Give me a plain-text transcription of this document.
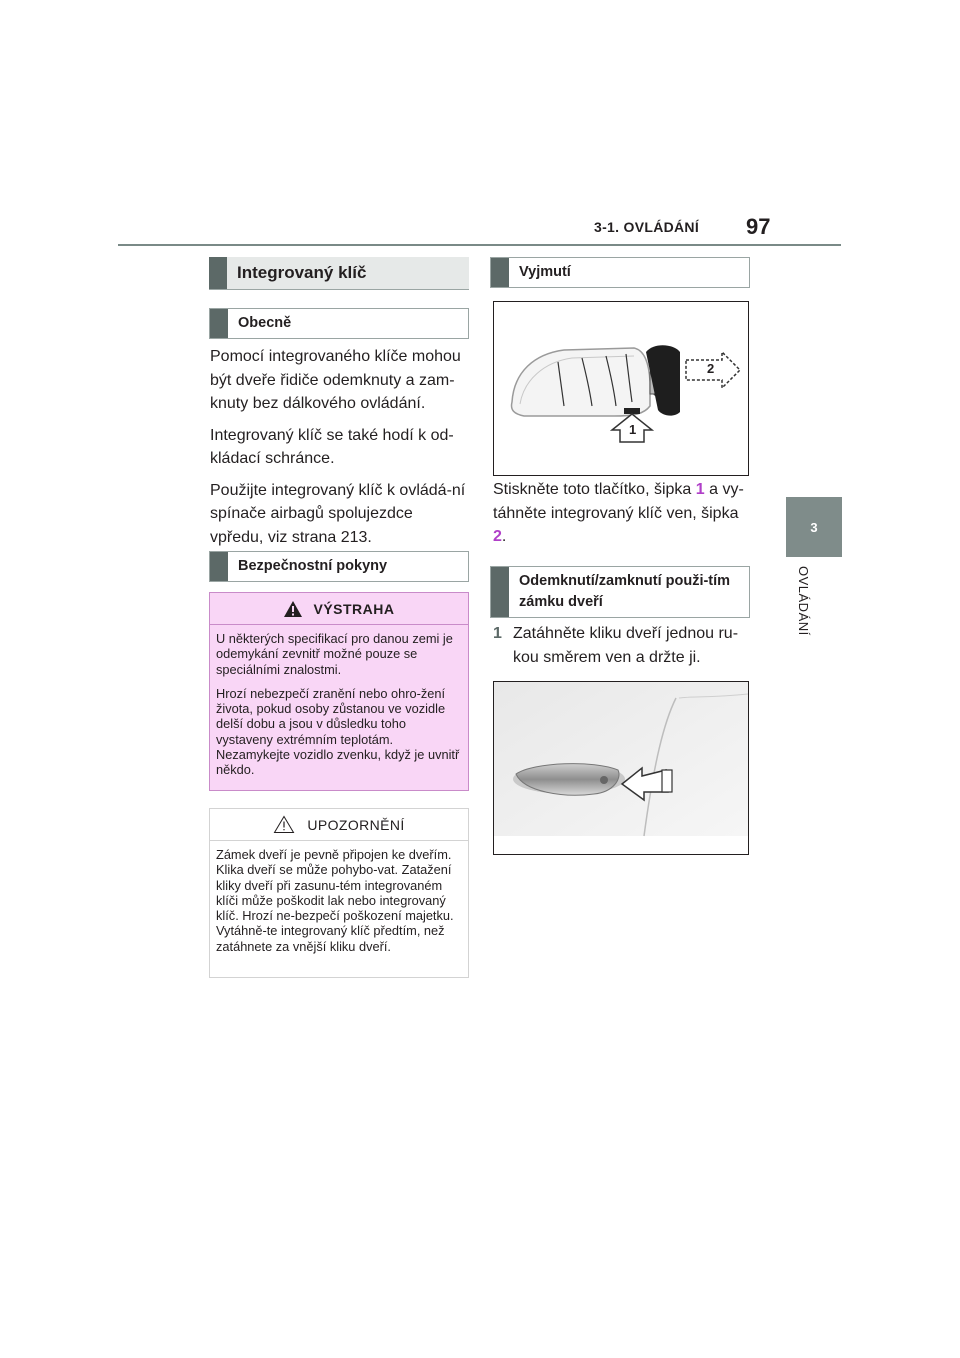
3-1. OVLÁDÁNÍ 97
3
OVLÁDÁNÍ
Integrovaný klíč
Obecně

Pomocí integrovaného klíče mohou být dveře řidiče odemknuty a zam-knuty bez dálkového ovládání.

Integrovaný klíč se také hodí k od-kládací schránce.

Použijte integrovaný klíč k ovládá-ní spínače airbagů spolujezdce vpředu, viz strana 213.

Bezpečnostní pokyny
VÝSTRAHA

U některých specifikací pro danou zemi je odemykání zevnitř možné pouze se speciálními znalostmi.

Hrozí nebezpečí zranění nebo ohro-žení života, pokud osoby zůstanou ve vozidle delší dobu a jsou v důsledku toho vystaveny extrémním teplotám. Nezamykejte vozidlo zvenku, když je uvnitř někdo.

UPOZORNĚNÍ

Zámek dveří je pevně připojen ke dveřím. Klika dveří se může pohybo-vat. Zatažení kliky dveří při zasunu-tém integrovaném klíči může poškodit lak nebo integrovaný klíč. Hrozí ne-bezpečí poškození majetku. Vytáhně-te integrovaný klíč předtím, než zatáhnete za vnější kliku dveří.

Vyjmutí
2
1
Stiskněte toto tlačítko, šipka 1 a vy-táhněte integrovaný klíč ven, šipka 2.
Odemknutí/zamknutí použi-tím zámku dveří
1 Zatáhněte kliku dveří jednou ru-kou směrem ven a držte ji.
